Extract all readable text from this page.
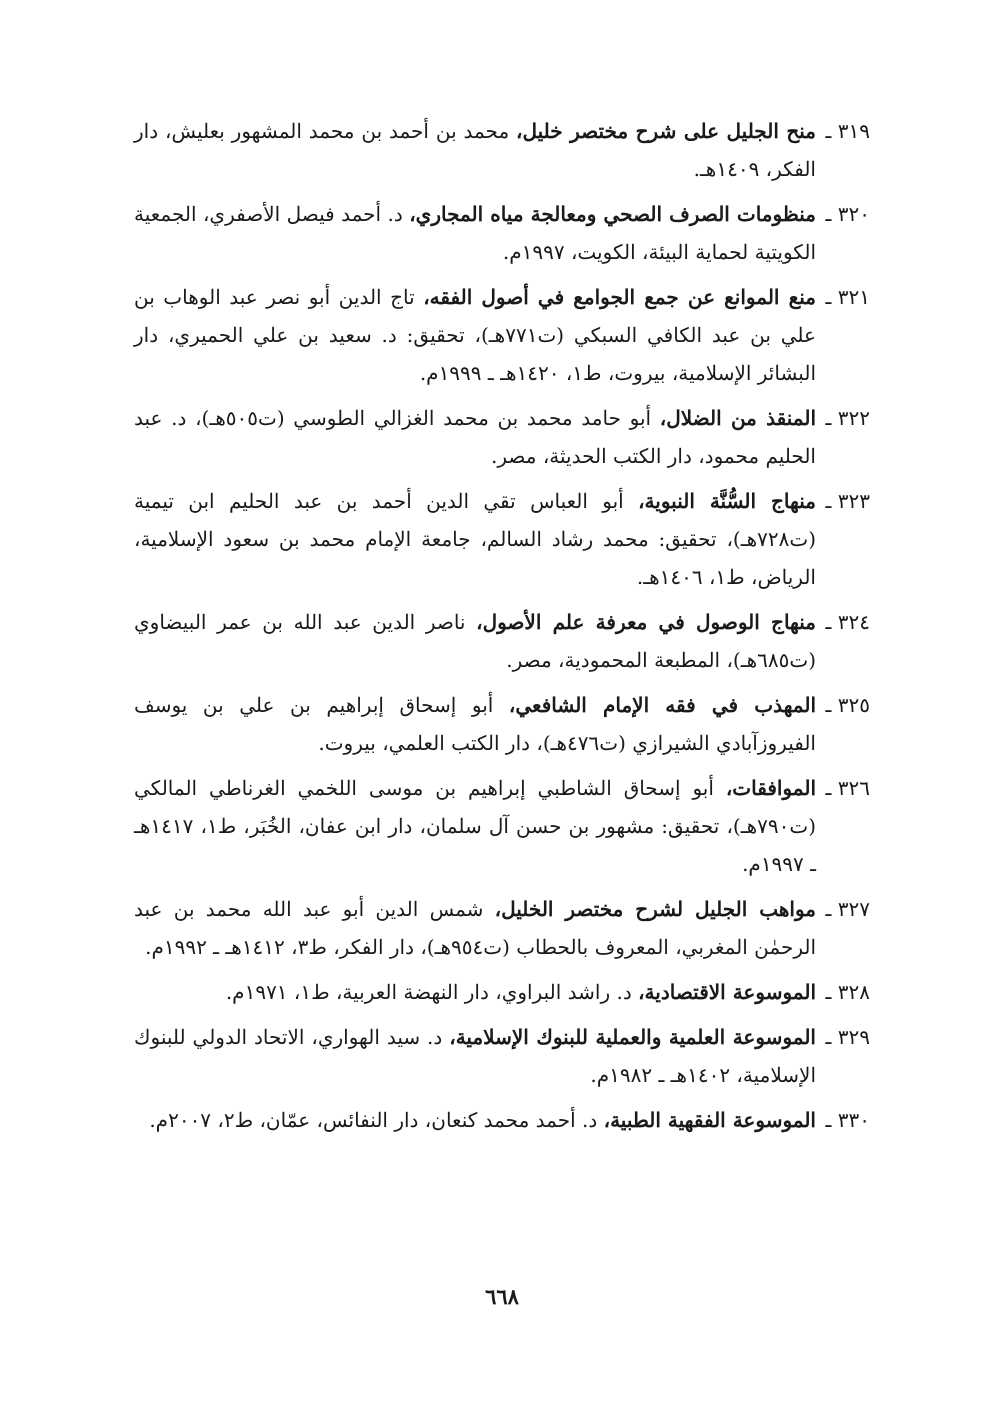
٣١٩ ـ
منح الجليل على شرح مختصر خليل، محمد بن أحمد بن محمد المشهور بعليش، دار الفكر، ١٤٠٩هـ.
٣٢٠ ـ
منظومات الصرف الصحي ومعالجة مياه المجاري، د. أحمد فيصل الأصفري، الجمعية الكويتية لحماية البيئة، الكويت، ١٩٩٧م.
٣٢١ ـ
منع الموانع عن جمع الجوامع في أصول الفقه، تاج الدين أبو نصر عبد الوهاب بن علي بن عبد الكافي السبكي (ت٧٧١هـ)، تحقيق: د. سعيد بن علي الحميري، دار البشائر الإسلامية، بيروت، ط١، ١٤٢٠هـ ـ ١٩٩٩م.
٣٢٢ ـ
المنقذ من الضلال، أبو حامد محمد بن محمد الغزالي الطوسي (ت٥٠٥هـ)، د. عبد الحليم محمود، دار الكتب الحديثة، مصر.
٣٢٣ ـ
منهاج السُّنَّة النبوية، أبو العباس تقي الدين أحمد بن عبد الحليم ابن تيمية (ت٧٢٨هـ)، تحقيق: محمد رشاد السالم، جامعة الإمام محمد بن سعود الإسلامية، الرياض، ط١، ١٤٠٦هـ.
٣٢٤ ـ
منهاج الوصول في معرفة علم الأصول، ناصر الدين عبد الله بن عمر البيضاوي (ت٦٨٥هـ)، المطبعة المحمودية، مصر.
٣٢٥ ـ
المهذب في فقه الإمام الشافعي، أبو إسحاق إبراهيم بن علي بن يوسف الفيروزآبادي الشيرازي (ت٤٧٦هـ)، دار الكتب العلمي، بيروت.
٣٢٦ ـ
الموافقات، أبو إسحاق الشاطبي إبراهيم بن موسى اللخمي الغرناطي المالكي (ت٧٩٠هـ)، تحقيق: مشهور بن حسن آل سلمان، دار ابن عفان، الخُبَر، ط١، ١٤١٧هـ ـ ١٩٩٧م.
٣٢٧ ـ
مواهب الجليل لشرح مختصر الخليل، شمس الدين أبو عبد الله محمد بن عبد الرحمٰن المغربي، المعروف بالحطاب (ت٩٥٤هـ)، دار الفكر، ط٣، ١٤١٢هـ ـ ١٩٩٢م.
٣٢٨ ـ
الموسوعة الاقتصادية، د. راشد البراوي، دار النهضة العربية، ط١، ١٩٧١م.
٣٢٩ ـ
الموسوعة العلمية والعملية للبنوك الإسلامية، د. سيد الهواري، الاتحاد الدولي للبنوك الإسلامية، ١٤٠٢هـ ـ ١٩٨٢م.
٣٣٠ ـ
الموسوعة الفقهية الطبية، د. أحمد محمد كنعان، دار النفائس، عمّان، ط٢، ٢٠٠٧م.
٦٦٨
